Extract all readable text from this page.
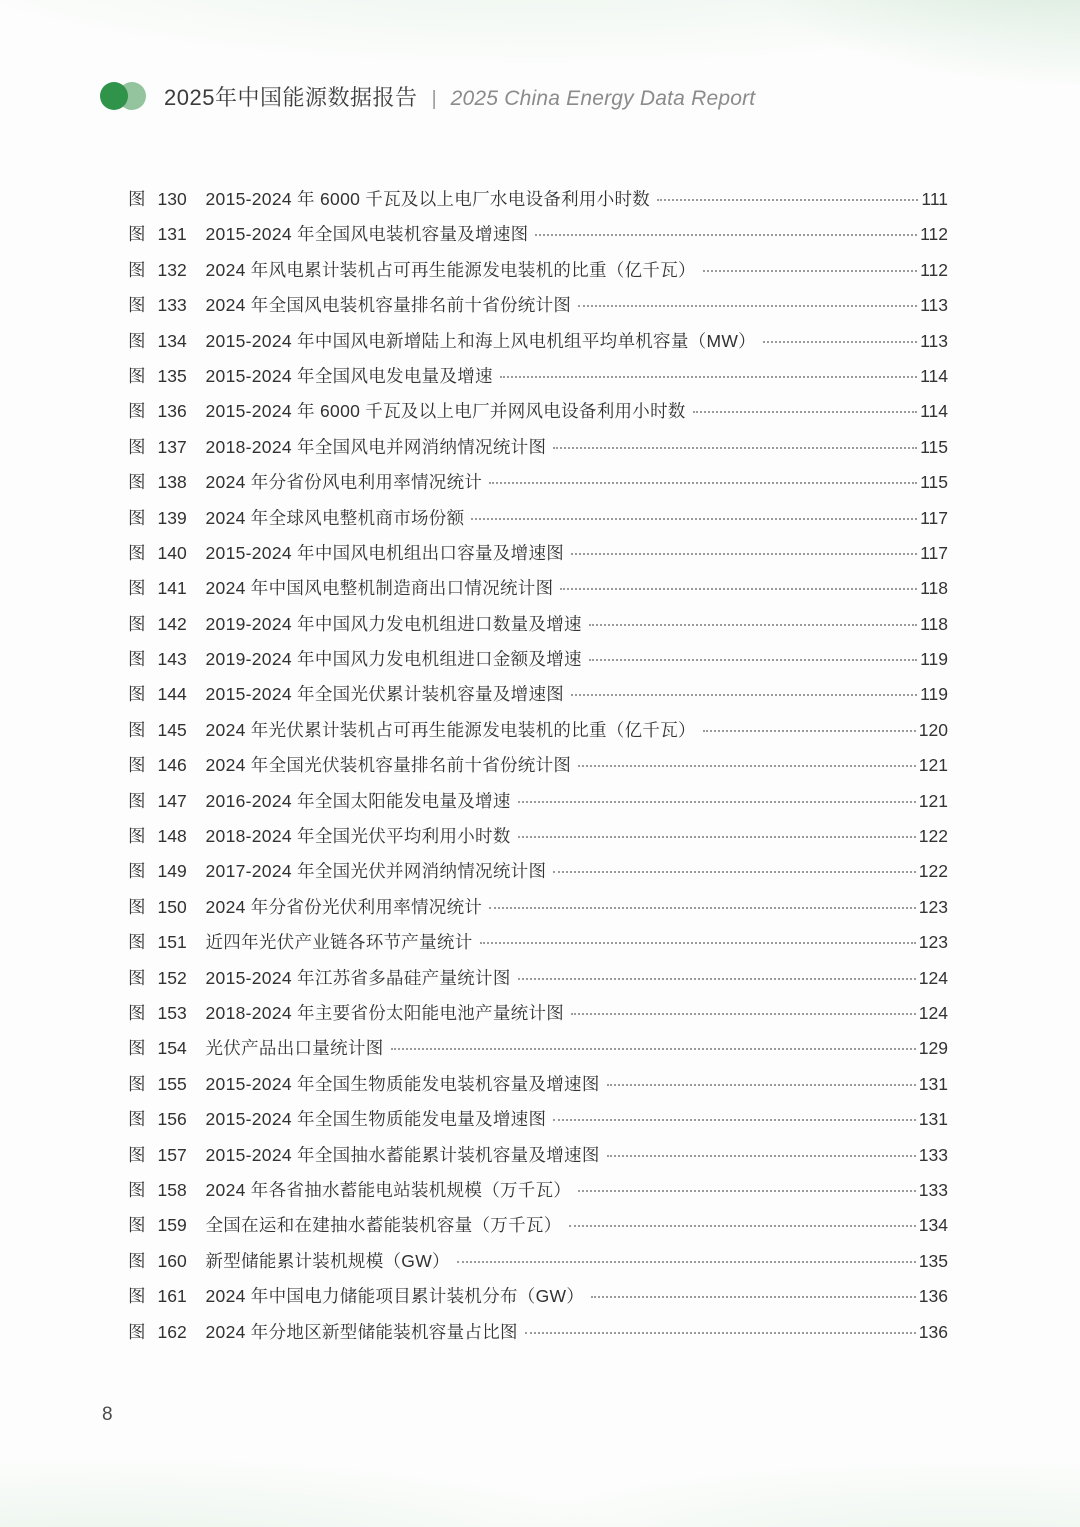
2025年中国能源数据报告 | 2025 China Energy Data Report
图 130 2015-2024 年 6000 千瓦及以上电厂水电设备利用小时数	111
图 131 2015-2024 年全国风电装机容量及增速图	112
图 132 2024 年风电累计装机占可再生能源发电装机的比重（亿千瓦）	112
图 133 2024 年全国风电装机容量排名前十省份统计图	113
图 134 2015-2024 年中国风电新增陆上和海上风电机组平均单机容量（MW）	113
图 135 2015-2024 年全国风电发电量及增速	114
图 136 2015-2024 年 6000 千瓦及以上电厂并网风电设备利用小时数	114
图 137 2018-2024 年全国风电并网消纳情况统计图	115
图 138 2024 年分省份风电利用率情况统计	115
图 139 2024 年全球风电整机商市场份额	117
图 140 2015-2024 年中国风电机组出口容量及增速图	117
图 141 2024 年中国风电整机制造商出口情况统计图	118
图 142 2019-2024 年中国风力发电机组进口数量及增速	118
图 143 2019-2024 年中国风力发电机组进口金额及增速	119
图 144 2015-2024 年全国光伏累计装机容量及增速图	119
图 145 2024 年光伏累计装机占可再生能源发电装机的比重（亿千瓦）	120
图 146 2024 年全国光伏装机容量排名前十省份统计图	121
图 147 2016-2024 年全国太阳能发电量及增速	121
图 148 2018-2024 年全国光伏平均利用小时数	122
图 149 2017-2024 年全国光伏并网消纳情况统计图	122
图 150 2024 年分省份光伏利用率情况统计	123
图 151 近四年光伏产业链各环节产量统计	123
图 152 2015-2024 年江苏省多晶硅产量统计图	124
图 153 2018-2024 年主要省份太阳能电池产量统计图	124
图 154 光伏产品出口量统计图	129
图 155 2015-2024 年全国生物质能发电装机容量及增速图	131
图 156 2015-2024 年全国生物质能发电量及增速图	131
图 157 2015-2024 年全国抽水蓄能累计装机容量及增速图	133
图 158 2024 年各省抽水蓄能电站装机规模（万千瓦）	133
图 159 全国在运和在建抽水蓄能装机容量（万千瓦）	134
图 160 新型储能累计装机规模（GW）	135
图 161 2024 年中国电力储能项目累计装机分布（GW）	136
图 162 2024 年分地区新型储能装机容量占比图	136
8
